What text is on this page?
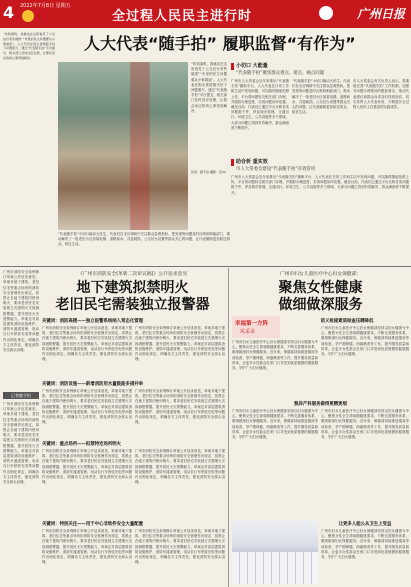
4	2022年7月8日 星期五
全过程人民民主进行时	广州日报
人大代表“随手拍” 履职监督“有作为”
“你知道吗，我就站在这里看见了公交站台有些破损”“市里的民生问题要从小事做起”。人大代表在街头巷尾随手拍下问题照片，通过“代表随手拍”平台提交，相关部门及时回应处理，让群众身边的烦心事得到解决。
“你知道吗，我就站在这里看见了公交站台有些破损”“市里的民生问题要从小事做起”。人大代表在街头巷尾随手拍下问题照片，通过“代表随手拍”平台提交，相关部门及时回应处理，让群众身边的烦心事得到解决。
拍者：随手拍 摄影：张XX
小切口 大能量
“代表随手拍”聚焦群众难点、堵点、痛点问题
广州市人大常委会近年来推出“代表随手拍”履职平台，人大代表在日常工作和生活中发现问题，可以随时随地拍照上传，平台将问题转交相关部门办理，并跟踪办理进度，实现问题闭环处置。截至目前，代表们已通过平台反映各类问题数千件，涉及城市管理、交通出行、环境卫生、公共设施等多个领域，大部分问题已得到有效解决，群众满意度不断提升。
“代表随手拍”小切口撬动大民生。代表们在走访调研中关注群众急难愁盼，把发现的问题及时反映给职能部门，推动解决了一批老旧小区加装电梯、道路积水、井盖破损、公交站台设置等群众关心的问题，让代表履职更加贴近群众、贴近生活。
市人大常委会有关负责人表示，将继续完善“代表随手拍”工作机制，加强对问题办理情况的跟踪督办，推动代表建议和群众诉求及时得到回应，切实发挥人大代表作用，不断提升全过程人民民主在基层的实践成效。
助合析 重实效
市人大常委会建设“代表随手拍”有效管用
广州市人大常委会近年来推出“代表随手拍”履职平台，人大代表在日常工作和生活中发现问题，可以随时随地拍照上传，平台将问题转交相关部门办理，并跟踪办理进度，实现问题闭环处置。截至目前，代表们已通过平台反映各类问题数千件，涉及城市管理、交通出行、环境卫生、公共设施等多个领域，大部分问题已得到有效解决，群众满意度不断提升。
“代表随手拍”小切口撬动大民生。代表们在走访调研中关注群众急难愁盼，把发现的问题及时反映给职能部门，推动解决了一批老旧小区加装电梯、道路积水、井盖破损、公交站台设置等群众关心的问题，让代表履职更加贴近群众、贴近生活。
《广州市消防安全(革新二次审议稿)》公开征求意见
地下建筑拟禁明火
老旧民宅需装独立报警器
广州市消防安全条例修订草案公开征求意见，草案对地下建筑、老旧住宅等重点场所的消防安全管理作出规定，拟禁止在地下建筑内使用明火，要求老旧民宅安装独立式感烟火灾探测报警器，提升居民火灾预警能力。草案还对高层建筑消防设施维护、消防车通道管理、电动自行车停放充电等问题作出细化规定，明确各方主体责任，强化消防安全源头治理。
记者随手拍
广州市消防安全条例修订草案公开征求意见，草案对地下建筑、老旧住宅等重点场所的消防安全管理作出规定，拟禁止在地下建筑内使用明火，要求老旧民宅安装独立式感烟火灾探测报警器，提升居民火灾预警能力。草案还对高层建筑消防设施维护、消防车通道管理、电动自行车停放充电等问题作出细化规定，明确各方主体责任，强化消防安全源头治理。
关键词：消防高楼——独立报警系统纳入常态化管理
广州市消防安全条例修订草案公开征求意见，草案对地下建筑、老旧住宅等重点场所的消防安全管理作出规定，拟禁止在地下建筑内使用明火，要求老旧民宅安装独立式感烟火灾探测报警器，提升居民火灾预警能力。草案还对高层建筑消防设施维护、消防车通道管理、电动自行车停放充电等问题作出细化规定，明确各方主体责任，强化消防安全源头治理。
广州市消防安全条例修订草案公开征求意见，草案对地下建筑、老旧住宅等重点场所的消防安全管理作出规定，拟禁止在地下建筑内使用明火，要求老旧民宅安装独立式感烟火灾探测报警器，提升居民火灾预警能力。草案还对高层建筑消防设施维护、消防车通道管理、电动自行车停放充电等问题作出细化规定，明确各方主体责任，强化消防安全源头治理。
关键词：消防设施——新增消防用水量鼓励多措并举
广州市消防安全条例修订草案公开征求意见，草案对地下建筑、老旧住宅等重点场所的消防安全管理作出规定，拟禁止在地下建筑内使用明火，要求老旧民宅安装独立式感烟火灾探测报警器，提升居民火灾预警能力。草案还对高层建筑消防设施维护、消防车通道管理、电动自行车停放充电等问题作出细化规定，明确各方主体责任，强化消防安全源头治理。
广州市消防安全条例修订草案公开征求意见，草案对地下建筑、老旧住宅等重点场所的消防安全管理作出规定，拟禁止在地下建筑内使用明火，要求老旧民宅安装独立式感烟火灾探测报警器，提升居民火灾预警能力。草案还对高层建筑消防设施维护、消防车通道管理、电动自行车停放充电等问题作出细化规定，明确各方主体责任，强化消防安全源头治理。
关键词：重点场所——拟禁特定场所明火
广州市消防安全条例修订草案公开征求意见，草案对地下建筑、老旧住宅等重点场所的消防安全管理作出规定，拟禁止在地下建筑内使用明火，要求老旧民宅安装独立式感烟火灾探测报警器，提升居民火灾预警能力。草案还对高层建筑消防设施维护、消防车通道管理、电动自行车停放充电等问题作出细化规定，明确各方主体责任，强化消防安全源头治理。
广州市消防安全条例修订草案公开征求意见，草案对地下建筑、老旧住宅等重点场所的消防安全管理作出规定，拟禁止在地下建筑内使用明火，要求老旧民宅安装独立式感烟火灾探测报警器，提升居民火灾预警能力。草案还对高层建筑消防设施维护、消防车通道管理、电动自行车停放充电等问题作出细化规定，明确各方主体责任，强化消防安全源头治理。
关键词：特别关注——用于中心非软件安全大量配置
广州市消防安全条例修订草案公开征求意见，草案对地下建筑、老旧住宅等重点场所的消防安全管理作出规定，拟禁止在地下建筑内使用明火，要求老旧民宅安装独立式感烟火灾探测报警器，提升居民火灾预警能力。草案还对高层建筑消防设施维护、消防车通道管理、电动自行车停放充电等问题作出细化规定，明确各方主体责任，强化消防安全源头治理。
广州市消防安全条例修订草案公开征求意见，草案对地下建筑、老旧住宅等重点场所的消防安全管理作出规定，拟禁止在地下建筑内使用明火，要求老旧民宅安装独立式感烟火灾探测报警器，提升居民火灾预警能力。草案还对高层建筑消防设施维护、消防车通道管理、电动自行车停放充电等问题作出细化规定，明确各方主体责任，强化消防安全源头治理。
广州市妇女儿童医疗中心妇女保健部：
聚焦女性健康
做细做深服务
幸福第一方阵
风采录
前义检提素质检查压聘降低
广州市妇女儿童医疗中心妇女保健部坚持以妇女健康为中心，聚焦女性全生命周期健康需求，不断完善服务体系，做细做深妇女保健服务。近年来，保健部持续推进婚前孕前检查、孕产期保健、两癌筛查等工作，提升服务质量和效率，让更多女性群众在家门口享受到优质便捷的健康服务，守护广大妇女健康。
广州市妇女儿童医疗中心妇女保健部坚持以妇女健康为中心，聚焦女性全生命周期健康需求，不断完善服务体系，做细做深妇女保健服务。近年来，保健部持续推进婚前孕前检查、孕产期保健、两癌筛查等工作，提升服务质量和效率，让更多女性群众在家门口享受到优质便捷的健康服务，守护广大妇女健康。
熟异产科服务做得更精更细
广州市妇女儿童医疗中心妇女保健部坚持以妇女健康为中心，聚焦女性全生命周期健康需求，不断完善服务体系，做细做深妇女保健服务。近年来，保健部持续推进婚前孕前检查、孕产期保健、两癌筛查等工作，提升服务质量和效率，让更多女性群众在家门口享受到优质便捷的健康服务，守护广大妇女健康。
广州市妇女儿童医疗中心妇女保健部坚持以妇女健康为中心，聚焦女性全生命周期健康需求，不断完善服务体系，做细做深妇女保健服务。近年来，保健部持续推进婚前孕前检查、孕产期保健、两癌筛查等工作，提升服务质量和效率，让更多女性群众在家门口享受到优质便捷的健康服务，守护广大妇女健康。
让更多人能公从卫生上受益
广州市妇女儿童医疗中心妇女保健部坚持以妇女健康为中心，聚焦女性全生命周期健康需求，不断完善服务体系，做细做深妇女保健服务。近年来，保健部持续推进婚前孕前检查、孕产期保健、两癌筛查等工作，提升服务质量和效率，让更多女性群众在家门口享受到优质便捷的健康服务，守护广大妇女健康。
